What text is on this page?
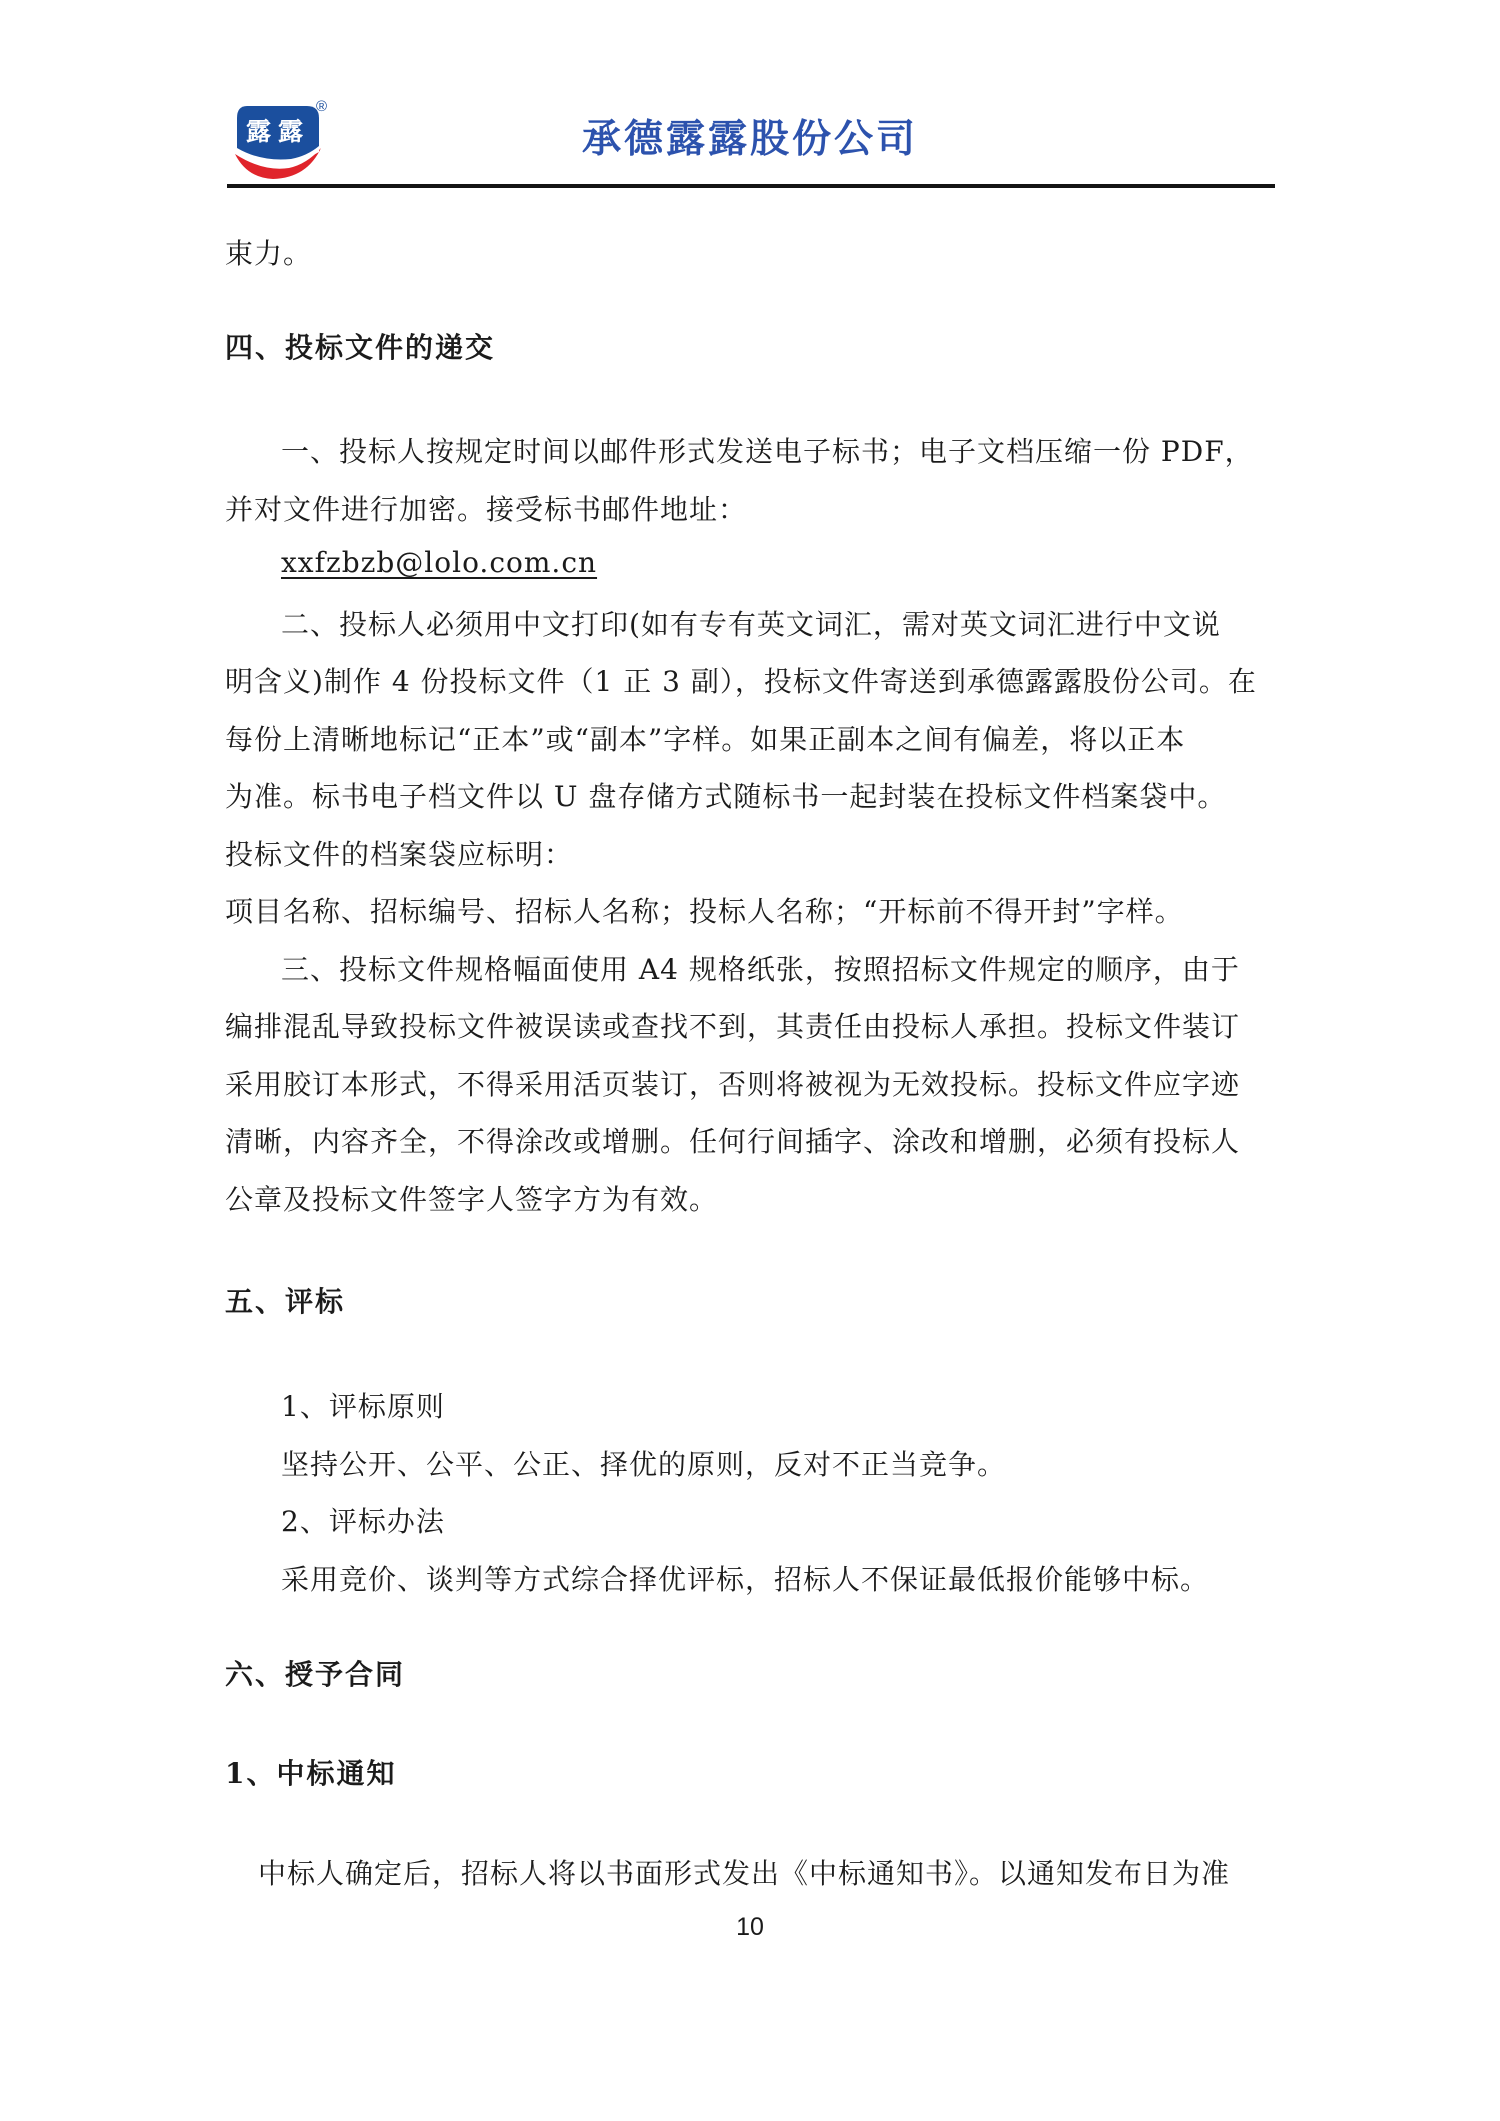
露露
®
承德露露股份公司
束力。
四、投标文件的递交
一、投标人按规定时间以邮件形式发送电子标书；电子文档压缩一份 PDF，
并对文件进行加密。接受标书邮件地址：
xxfzbzb@lolo.com.cn
二、投标人必须用中文打印(如有专有英文词汇，需对英文词汇进行中文说
明含义)制作 4 份投标文件（1 正 3 副），投标文件寄送到承德露露股份公司。在
每份上清晰地标记“正本”或“副本”字样。如果正副本之间有偏差，将以正本
为准。标书电子档文件以 U 盘存储方式随标书一起封装在投标文件档案袋中。
投标文件的档案袋应标明：
项目名称、招标编号、招标人名称；投标人名称；“开标前不得开封”字样。
三、投标文件规格幅面使用 A4 规格纸张，按照招标文件规定的顺序，由于
编排混乱导致投标文件被误读或查找不到，其责任由投标人承担。投标文件装订
采用胶订本形式，不得采用活页装订，否则将被视为无效投标。投标文件应字迹
清晰，内容齐全，不得涂改或增删。任何行间插字、涂改和增删，必须有投标人
公章及投标文件签字人签字方为有效。
五、评标
1、评标原则
坚持公开、公平、公正、择优的原则，反对不正当竞争。
2、评标办法
采用竞价、谈判等方式综合择优评标，招标人不保证最低报价能够中标。
六、授予合同
1、中标通知
中标人确定后，招标人将以书面形式发出《中标通知书》。以通知发布日为准
10
